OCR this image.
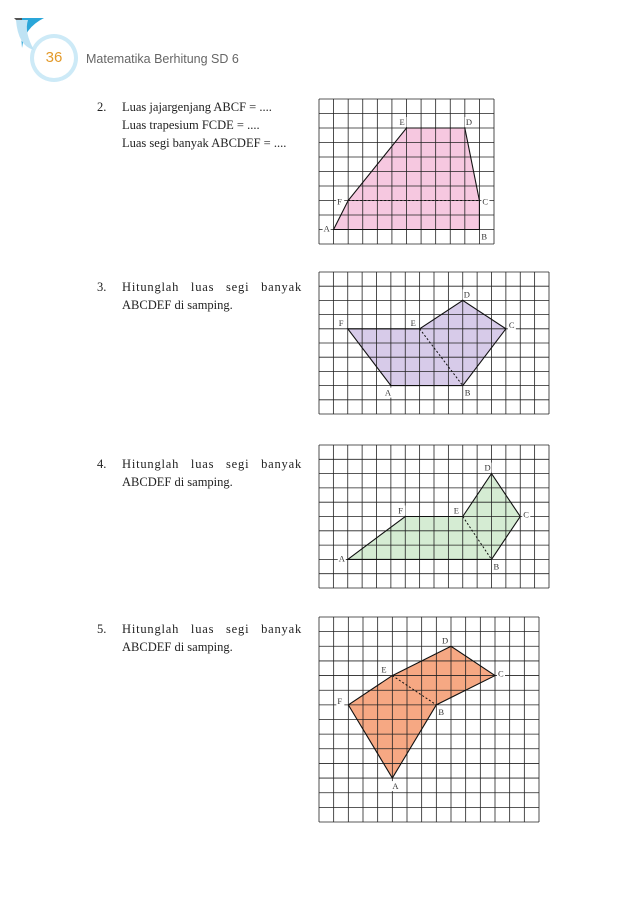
36	Matematika Berhitung SD 6
2. Luas jajargenjang ABCF = ....
Luas trapesium FCDE = ....
Luas segi banyak ABCDEF = ....
A
B
C
D
E
F
3. Hitunglah luas segi banyak
ABCDEF di samping.
A	B
C
D
E
F
4. Hitunglah luas segi banyak
ABCDEF di samping.
A
B
C
D
E
F
5. Hitunglah luas segi banyak
ABCDEF di samping.
A
B
C
D
E
F
